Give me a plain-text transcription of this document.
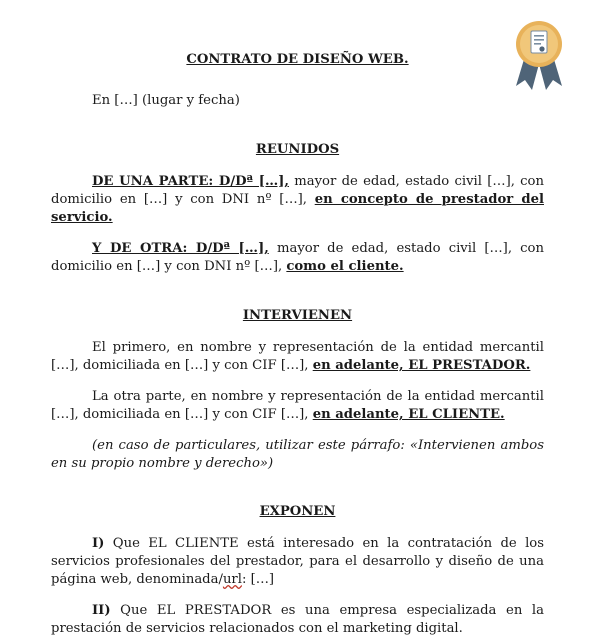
CONTRATO DE DISEÑO WEB.

En […] (lugar y fecha)

REUNIDOS

DE UNA PARTE: D/Dª […], mayor de edad, estado civil […], con domicilio en […] y con DNI nº […], en concepto de prestador del servicio.

Y DE OTRA: D/Dª […], mayor de edad, estado civil […], con domicilio en […] y con DNI nº […], como el cliente.

INTERVIENEN

El primero, en nombre y representación de la entidad mercantil […], domiciliada en […] y con CIF […], en adelante, EL PRESTADOR.

La otra parte, en nombre y representación de la entidad mercantil […], domiciliada en […] y con CIF […], en adelante, EL CLIENTE.

(en caso de particulares, utilizar este párrafo: «Intervienen ambos en su propio nombre y derecho»)

EXPONEN

I) Que EL CLIENTE está interesado en la contratación de los servicios profesionales del prestador, para el desarrollo y diseño de una página web, denominada/url: […]

II) Que EL PRESTADOR es una empresa especializada en la prestación de servicios relacionados con el marketing digital.
